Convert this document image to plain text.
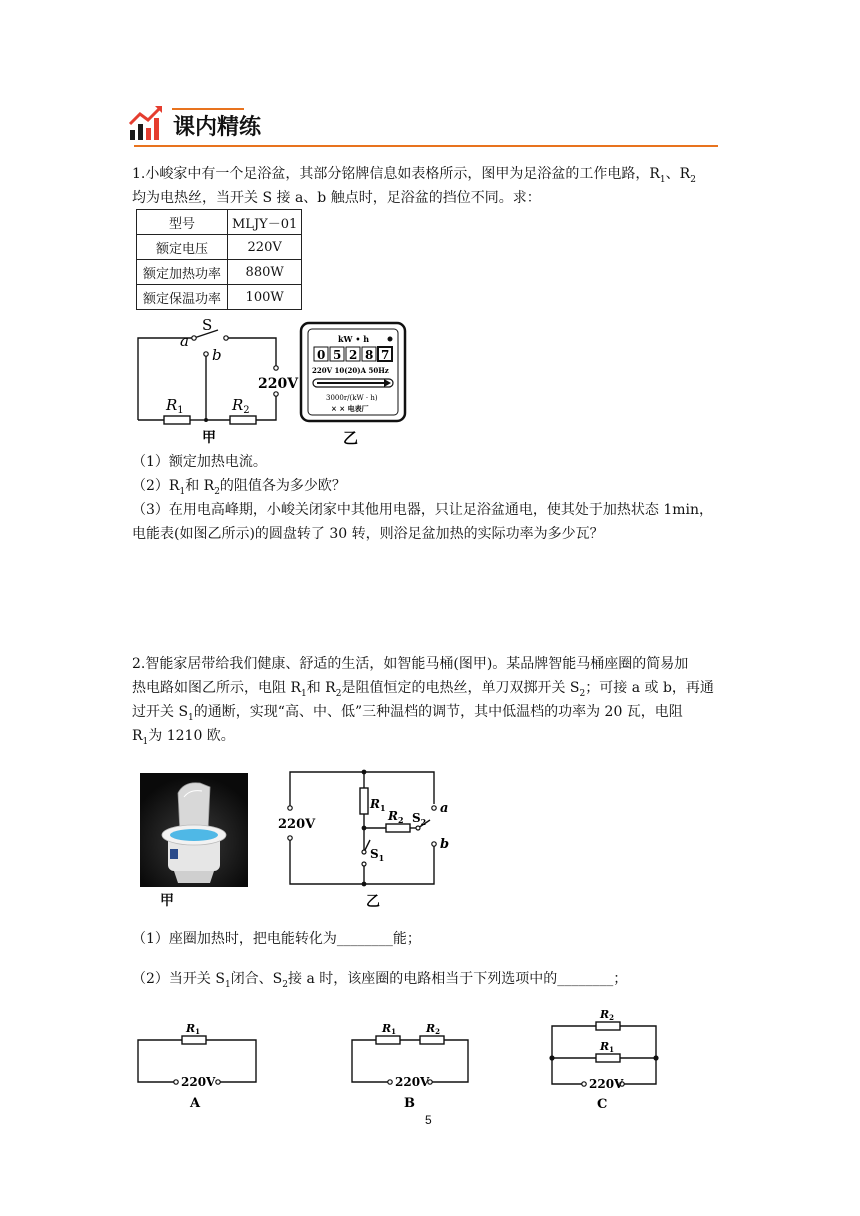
课内精练
1.小峻家中有一个足浴盆，其部分铭牌信息如表格所示，图甲为足浴盆的工作电路，$R_1$、$R_2$
均为电热丝，当开关 S 接 a、b 触点时，足浴盆的挡位不同。求：
型号	MLJY－01
额定电压	220V
额定加热功率	880W
额定保温功率	100W
S
a
b
$R_1$	$R_2$
220V
甲
kW • h
0 5 2 8 7
220V 10(20)A 50Hz
3000r/(kW · h)
× × 电表厂
乙
（1）额定加热电流。
$(2)R_1$和 $R_2$的阻值各为多少欧？
（3）在用电高峰期，小峻关闭家中其他用电器，只让足浴盆通电，使其处于加热状态 1min，
电能表(如图乙所示)的圆盘转了 30 转，则浴足盆加热的实际功率为多少瓦？
2.智能家居带给我们健康、舒适的生活，如智能马桶(图甲)。某品牌智能马桶座圈的简易加
热电路如图乙所示，电阻 $R_1$和 $R_2$是阻值恒定的电热丝，单刀双掷开关 $S_2$；可接 a 或 b，再通
过开关 $S_1$的通断，实现“高、中、低”三种温档的调节，其中低温档的功率为 20 瓦，电阻
$R_1$为 1210 欧。
甲
$R_1$
$R_2$ $S_2$
a
b
$S_1$
220V
乙
（1）座圈加热时，把电能转化为________能；
（2）当开关 $S_1$闭合、$S_2$接 a 时，该座圈的电路相当于下列选项中的________；
R1
220V
A
R1	R2
220V
B
R2
R1
220V
C
5
